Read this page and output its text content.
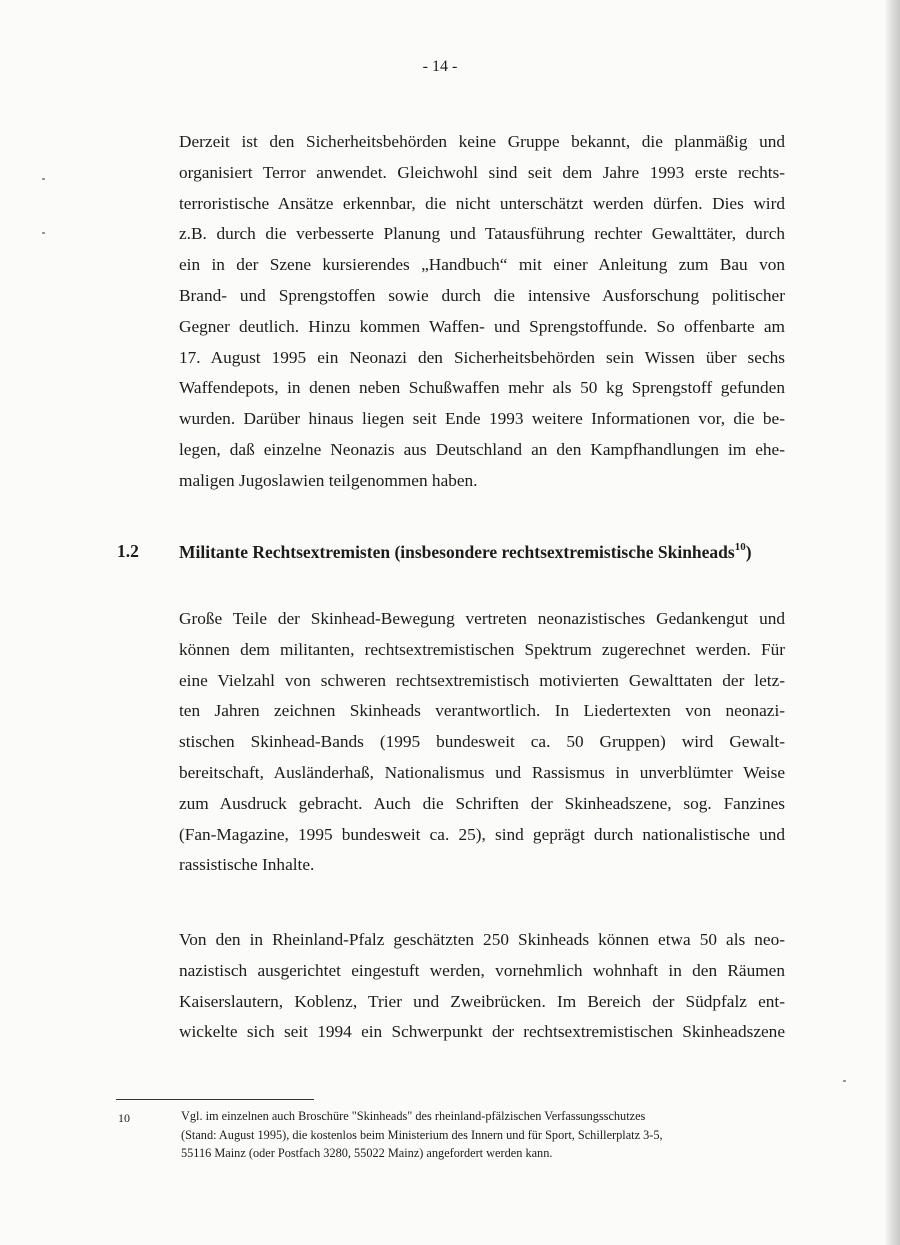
- 14 -
Derzeit ist den Sicherheitsbehörden keine Gruppe bekannt, die planmäßig und
organisiert Terror anwendet. Gleichwohl sind seit dem Jahre 1993 erste rechts-
terroristische Ansätze erkennbar, die nicht unterschätzt werden dürfen. Dies wird
z.B. durch die verbesserte Planung und Tatausführung rechter Gewalttäter, durch
ein in der Szene kursierendes „Handbuch“ mit einer Anleitung zum Bau von
Brand- und Sprengstoffen sowie durch die intensive Ausforschung politischer
Gegner deutlich. Hinzu kommen Waffen- und Sprengstoffunde. So offenbarte am
17. August 1995 ein Neonazi den Sicherheitsbehörden sein Wissen über sechs
Waffendepots, in denen neben Schußwaffen mehr als 50 kg Sprengstoff gefunden
wurden. Darüber hinaus liegen seit Ende 1993 weitere Informationen vor, die be-
legen, daß einzelne Neonazis aus Deutschland an den Kampfhandlungen im ehe-
maligen Jugoslawien teilgenommen haben.
1.2 Militante Rechtsextremisten (insbesondere rechtsextremistische Skinheads$^{10}$)
Große Teile der Skinhead-Bewegung vertreten neonazistisches Gedankengut und
können dem militanten, rechtsextremistischen Spektrum zugerechnet werden. Für
eine Vielzahl von schweren rechtsextremistisch motivierten Gewalttaten der letz-
ten Jahren zeichnen Skinheads verantwortlich. In Liedertexten von neonazi-
stischen Skinhead-Bands (1995 bundesweit ca. 50 Gruppen) wird Gewalt-
bereitschaft, Ausländerhaß, Nationalismus und Rassismus in unverblümter Weise
zum Ausdruck gebracht. Auch die Schriften der Skinheadszene, sog. Fanzines
(Fan-Magazine, 1995 bundesweit ca. 25), sind geprägt durch nationalistische und
rassistische Inhalte.
Von den in Rheinland-Pfalz geschätzten 250 Skinheads können etwa 50 als neo-
nazistisch ausgerichtet eingestuft werden, vornehmlich wohnhaft in den Räumen
Kaiserslautern, Koblenz, Trier und Zweibrücken. Im Bereich der Südpfalz ent-
wickelte sich seit 1994 ein Schwerpunkt der rechtsextremistischen Skinheadszene
10	Vgl. im einzelnen auch Broschüre "Skinheads" des rheinland-pfälzischen Verfassungsschutzes
(Stand: August 1995), die kostenlos beim Ministerium des Innern und für Sport, Schillerplatz 3-5,
55116 Mainz (oder Postfach 3280, 55022 Mainz) angefordert werden kann.
